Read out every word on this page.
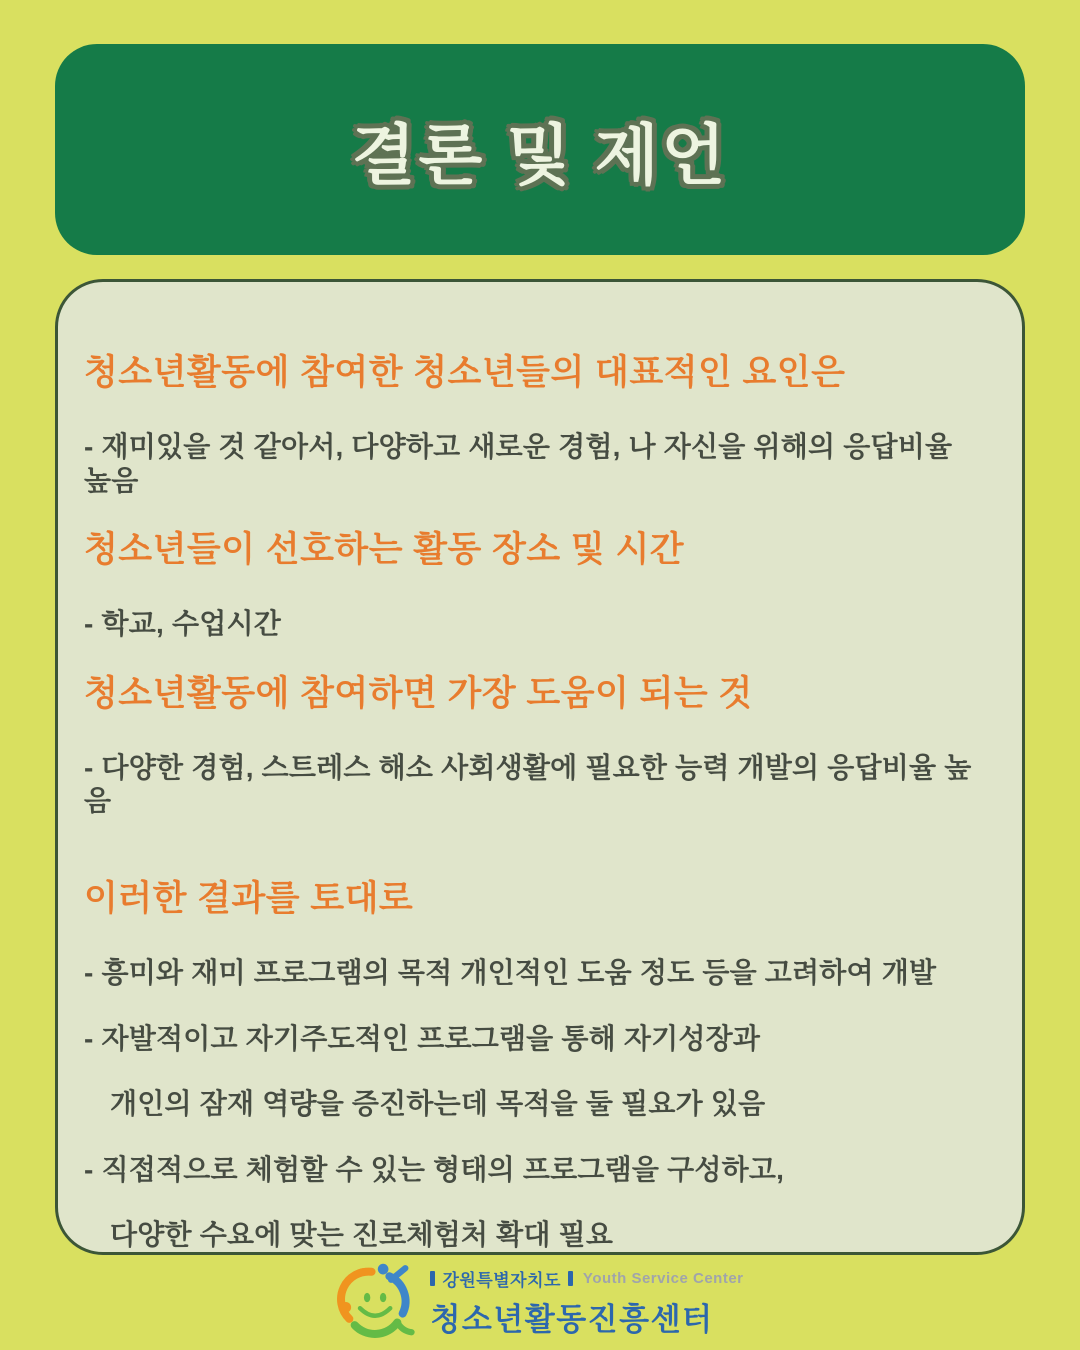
결론 및 제언
청소년활동에 참여한 청소년들의 대표적인 요인은

- 재미있을 것 같아서, 다양하고 새로운 경험, 나 자신을 위해의 응답비율 높음

청소년들이 선호하는 활동 장소 및 시간

- 학교, 수업시간

청소년활동에 참여하면 가장 도움이 되는 것

- 다양한 경험, 스트레스 해소 사회생활에 필요한 능력 개발의 응답비율 높음

이러한 결과를 토대로

- 흥미와 재미 프로그램의 목적 개인적인 도움 정도 등을 고려하여 개발

- 자발적이고 자기주도적인 프로그램을 통해 자기성장과

개인의 잠재 역량을 증진하는데 목적을 둘 필요가 있음

- 직접적으로 체험할 수 있는 형태의 프로그램을 구성하고,

다양한 수요에 맞는 진로체험처 확대 필요

강원특별자치도 Youth Service Center
청소년활동진흥센터
